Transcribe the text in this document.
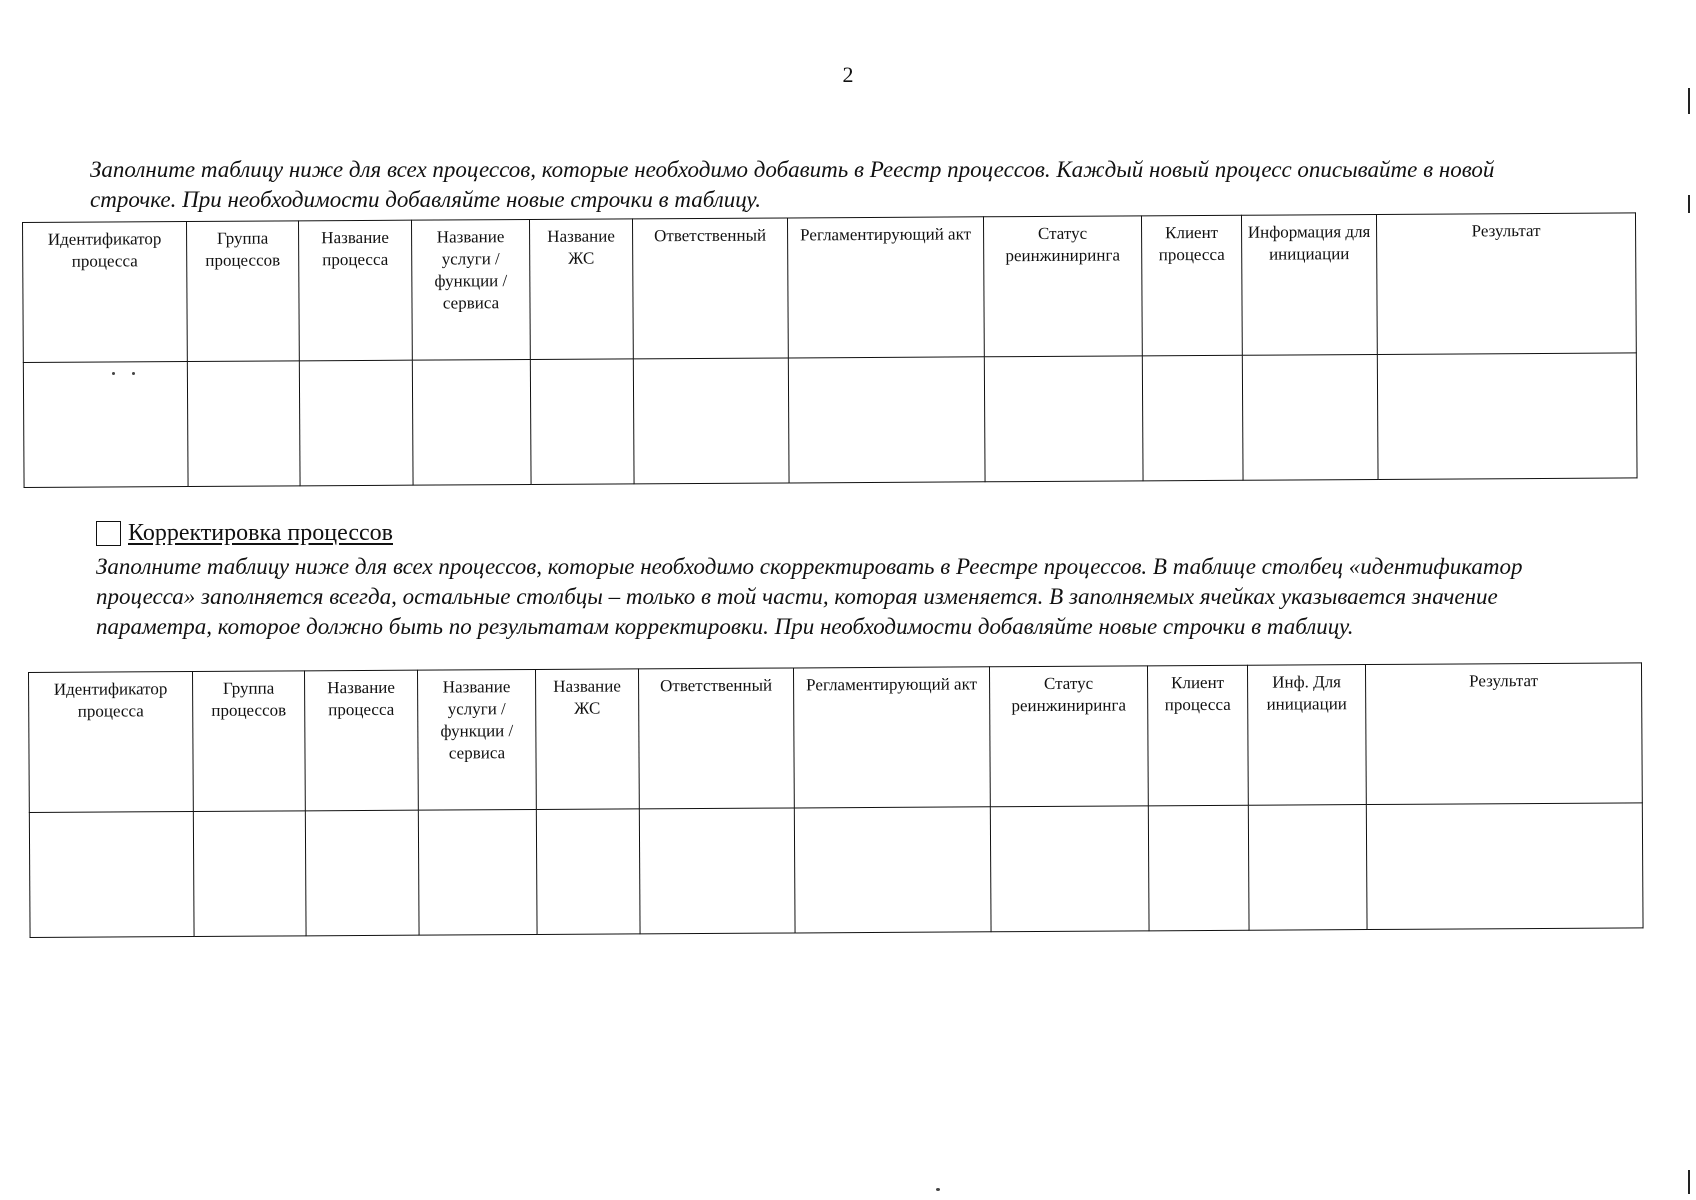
2
Заполните таблицу ниже для всех процессов, которые необходимо добавить в Реестр процессов. Каждый новый процесс описывайте в новой строчке. При необходимости добавляйте новые строчки в таблицу.
Идентификатор процесса	Группа процессов	Название процесса	Название услуги / функции / сервиса	Название ЖС	Ответственный	Регламентирующий акт	Статус реинжиниринга	Клиент процесса	Информация для инициации	Результат

Корректировка процессов
Заполните таблицу ниже для всех процессов, которые необходимо скорректировать в Реестре процессов. В таблице столбец «идентификатор процесса» заполняется всегда, остальные столбцы – только в той части, которая изменяется. В заполняемых ячейках указывается значение параметра, которое должно быть по результатам корректировки. При необходимости добавляйте новые строчки в таблицу.
Идентификатор процесса	Группа процессов	Название процесса	Название услуги / функции / сервиса	Название ЖС	Ответственный	Регламентирующий акт	Статус реинжиниринга	Клиент процесса	Инф. Для инициации	Результат
